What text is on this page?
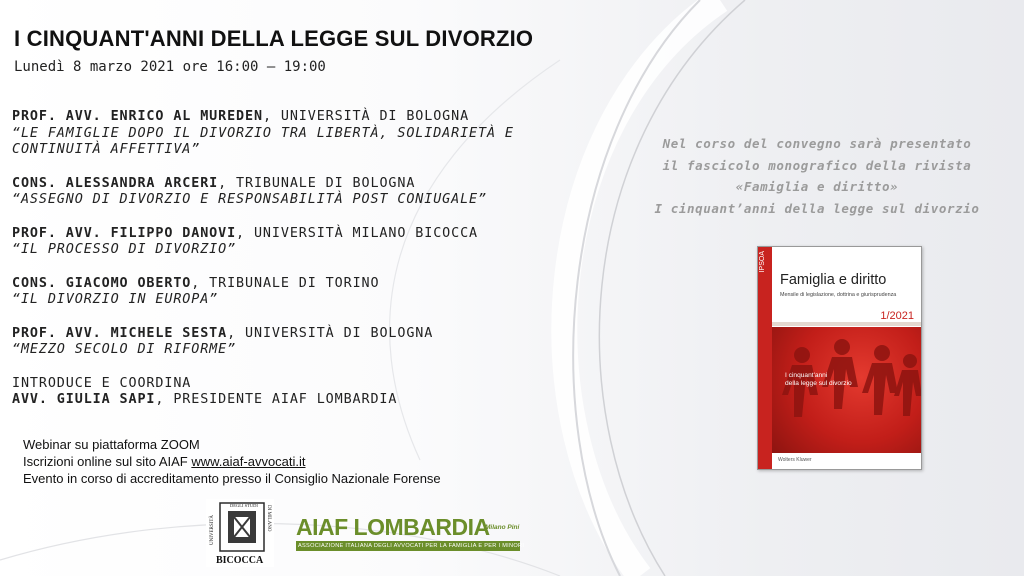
I CINQUANT'ANNI DELLA LEGGE SUL DIVORZIO
Lunedì 8 marzo 2021 ore 16:00 – 19:00
PROF. AVV. ENRICO AL MUREDEN, UNIVERSITÀ DI BOLOGNA
“LE FAMIGLIE DOPO IL DIVORZIO TRA LIBERTÀ, SOLIDARIETÀ E CONTINUITÀ AFFETTIVA”
CONS. ALESSANDRA ARCERI, TRIBUNALE DI BOLOGNA
“ASSEGNO DI DIVORZIO E RESPONSABILITÀ POST CONIUGALE”
PROF. AVV. FILIPPO DANOVI, UNIVERSITÀ MILANO BICOCCA
“IL PROCESSO DI DIVORZIO”
CONS. GIACOMO OBERTO, TRIBUNALE DI TORINO
“IL DIVORZIO IN EUROPA”
PROF. AVV. MICHELE SESTA, UNIVERSITÀ DI BOLOGNA
“MEZZO SECOLO DI RIFORME”
INTRODUCE E COORDINA
AVV. GIULIA SAPI, PRESIDENTE AIAF LOMBARDIA
Webinar su piattaforma ZOOM
Iscrizioni online sul sito AIAF www.aiaf-avvocati.it
Evento in corso di accreditamento presso il Consiglio Nazionale Forense
Nel corso del convegno sarà presentato
il fascicolo monografico della rivista
«Famiglia e diritto»
I cinquant’anni della legge sul divorzio
IPSOA
Famiglia e diritto
Mensile di legislazione, dottrina e giurisprudenza
1/2021
I cinquant'anni
della legge sul divorzio
Wolters Kluwer
UNIVERSITÀ	DI MILANO
DEGLI STUDI
BICOCCA
AIAF LOMBARDIA
Milano Pini
ASSOCIAZIONE ITALIANA DEGLI AVVOCATI PER LA FAMIGLIA E PER I MINORI
